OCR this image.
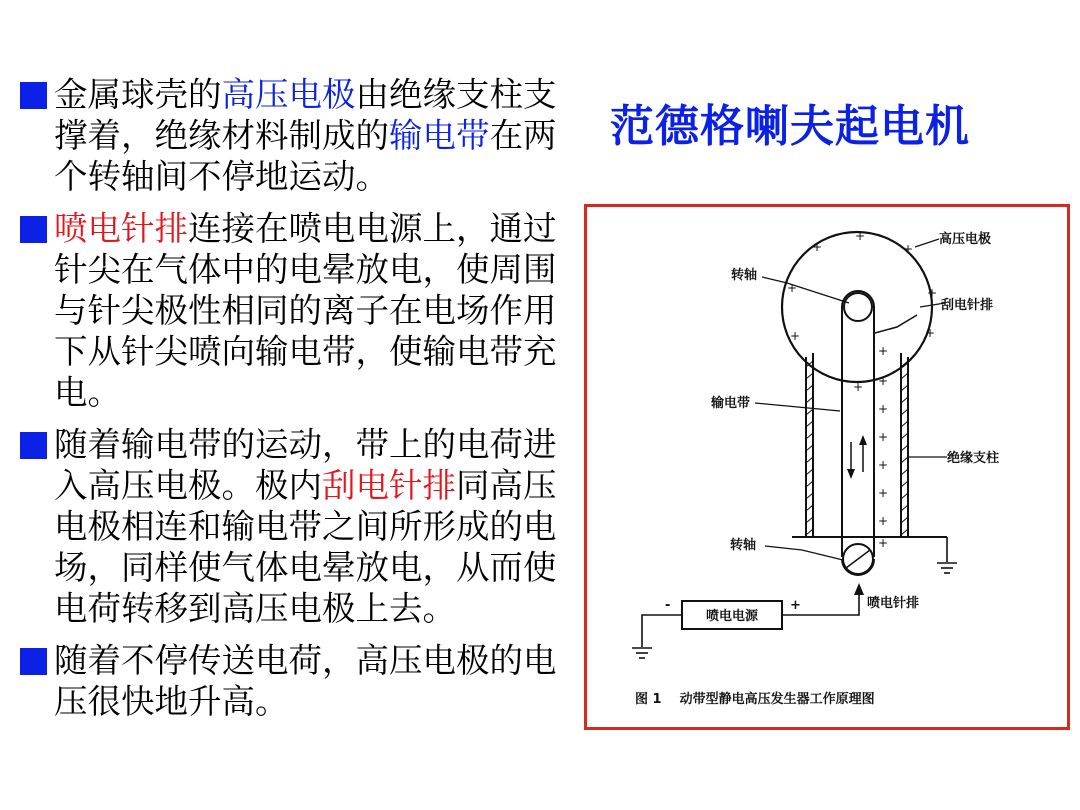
范德格喇夫起电机
金属球壳的高压电极由绝缘支柱支撑着，绝缘材料制成的输电带在两个转轴间不停地运动。
喷电针排连接在喷电电源上，通过针尖在气体中的电晕放电，使周围与针尖极性相同的离子在电场作用下从针尖喷向输电带，使输电带充电。
随着输电带的运动，带上的电荷进入高压电极。极内刮电针排同高压电极相连和输电带之间所形成的电场，同样使气体电晕放电，从而使电荷转移到高压电极上去。
随着不停传送电荷，高压电极的电压很快地升高。
+
+	+
+	+
+	+
+
+
+
+
+
+
+
+
+
喷电电源
-	+
高压电极
转轴
刮电针排
输电带
绝缘支柱
转轴
喷电针排
图 1    动带型静电高压发生器工作原理图
